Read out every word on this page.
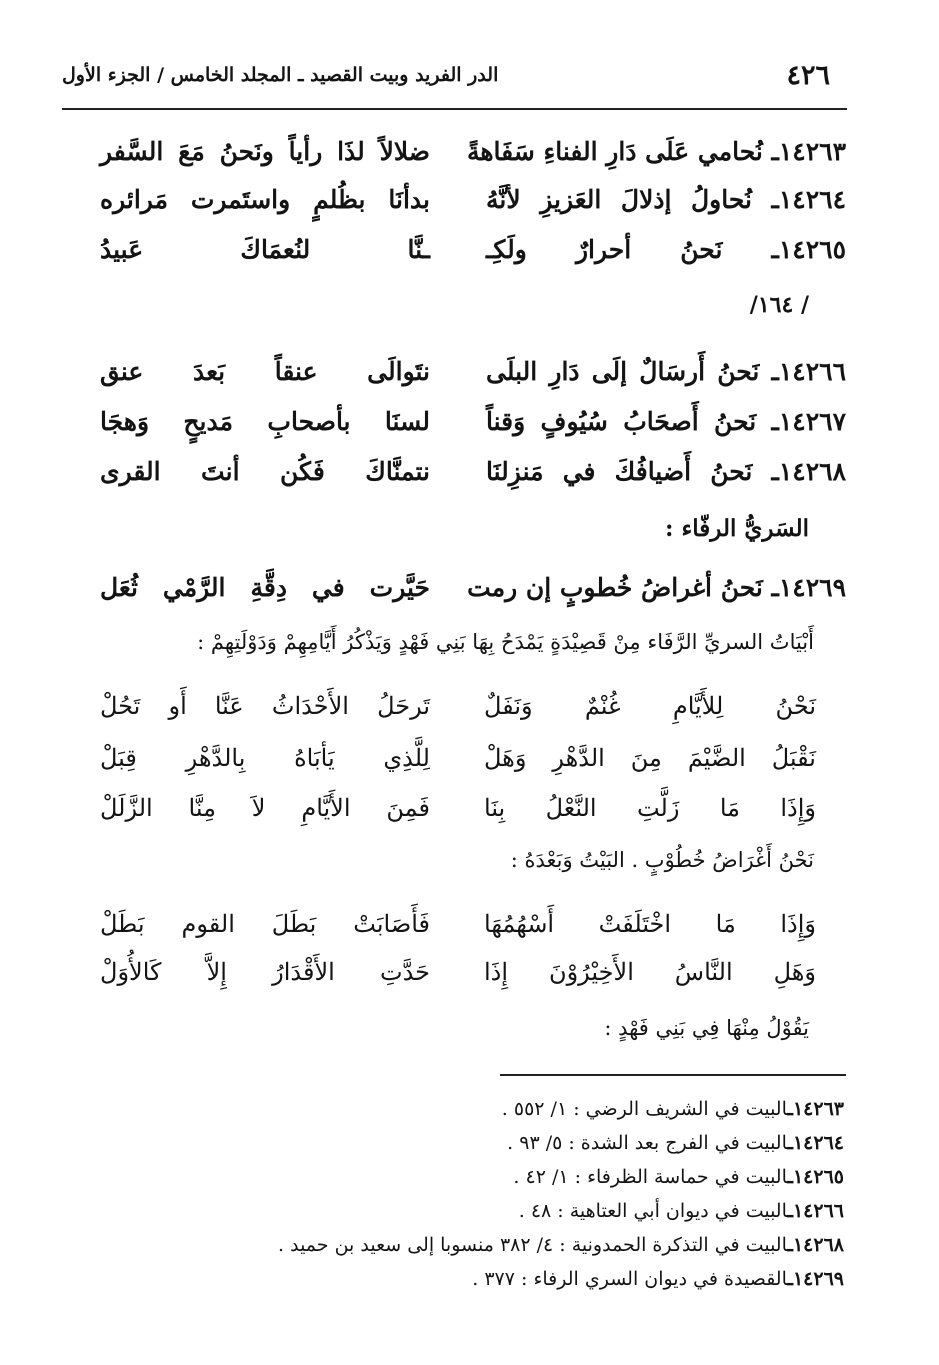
٤٢٦
الدر الفريد وبيت القصيد ـ المجلد الخامس / الجزء الأول
١٤٢٦٣ـ نُحامي عَلَى دَارِ الفناءِ سَفَاهةً
ضلالاً لذَا رأياً ونَحنُ مَعَ السَّفر
١٤٢٦٤ـ نُحاولُ إذلالَ العَزيزِ لأنَّهُ
بدأنَا بظُلمٍ واستَمرت مَرائره
١٤٢٦٥ـ نَحنُ أحرارٌ ولَكِـ
ـنَّا لنُعمَاكَ عَبيدُ
/ ١٦٤/
١٤٢٦٦ـ نَحنُ أَرسَالٌ إلَى دَارِ البلَى
نتَوالَى عنقاً بَعدَ عنق
١٤٢٦٧ـ نَحنُ أَصحَابُ سُيُوفٍ وَقناً
لسنَا بأصحابِ مَديحٍ وَهجَا
١٤٢٦٨ـ نَحنُ أَضيافُكَ في مَنزِلنَا
نتمنَّاكَ فَكُن أنتَ القرى
السَريُّ الرفّاء :
١٤٢٦٩ـ نَحنُ أغراضُ خُطوبٍ إن رمت
حَيَّرت في دِقَّةِ الرَّمْي ثُعَل
أَبْيَاتُ السريِّ الرَّفَاء مِنْ قَصِيْدَةٍ يَمْدَحُ بِهَا بَنِي فَهْدٍ وَيَذْكُرُ أَيَّامِهِمْ وَدَوْلَتِهِمْ :
نَحْنُ لِلأَيَّامِ غُنْمٌ وَنَفَلٌ
تَرحَلُ الأَحْدَاثُ عَنَّا أَو تَحُلْ
نَقْبَلُ الضَّيْمَ مِنَ الدَّهْرِ وَهَلْ
لِلَّذِي يَأبَاهُ بِالدَّهْرِ قِبَلْ
وَإِذَا مَا زَلَّتِ النَّعْلُ بِنَا
فَمِنَ الأَيَّامِ لاَ مِنَّا الزَّلَلْ
نَحْنُ أَغْرَاضُ خُطُوْبٍ . البَيْتُ وَبَعْدَهُ :
وَإِذَا مَا اخْتَلَفَتْ أَسْهُمُهَا
فَأَصَابَتْ بَطَلَ القوم بَطَلْ
وَهَلِ النَّاسُ الأَخِيْرُوْنَ إِذَا
حَدَّتِ الأَقْدَارُ إِلاَّ كَالأُوَلْ
يَقُوْلُ مِنْهَا فِي بَنِي فَهْدٍ :
١٤٢٦٣ـالبيت في الشريف الرضي : ١/ ٥٥٢ .
١٤٢٦٤ـالبيت في الفرج بعد الشدة : ٥/ ٩٣ .
١٤٢٦٥ـالبيت في حماسة الظرفاء : ١/ ٤٢ .
١٤٢٦٦ـالبيت في ديوان أبي العتاهية : ٤٨ .
١٤٢٦٨ـالبيت في التذكرة الحمدونية : ٤/ ٣٨٢ منسوبا إلى سعيد بن حميد .
١٤٢٦٩ـالقصيدة في ديوان السري الرفاء : ٣٧٧ .
